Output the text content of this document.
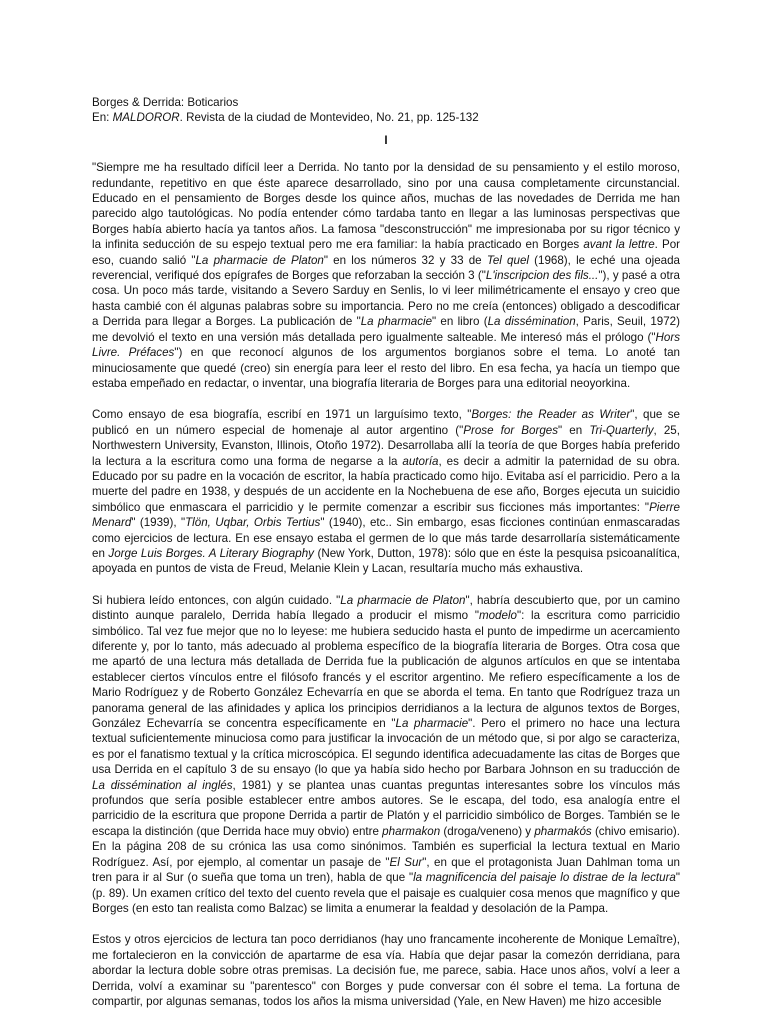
Borges & Derrida: Boticarios

En: MALDOROR. Revista de la ciudad de Montevideo, No. 21, pp. 125-132

I

"Siempre me ha resultado difícil leer a Derrida. No tanto por la densidad de su pensamiento y el estilo moroso, redundante, repetitivo en que éste aparece desarrollado, sino por una causa completamente circunstancial. Educado en el pensamiento de Borges desde los quince años, muchas de las novedades de Derrida me han parecido algo tautológicas. No podía entender cómo tardaba tanto en llegar a las luminosas perspectivas que Borges había abierto hacía ya tantos años. La famosa "desconstrucción" me impresionaba por su rigor técnico y la infinita seducción de su espejo textual pero me era familiar: la había practicado en Borges avant la lettre. Por eso, cuando salió "La pharmacie de Platon" en los números 32 y 33 de Tel quel (1968), le eché una ojeada reverencial, verifiqué dos epígrafes de Borges que reforzaban la sección 3 ("L'inscripcion des fils..."), y pasé a otra cosa. Un poco más tarde, visitando a Severo Sarduy en Senlis, lo vi leer milimétricamente el ensayo y creo que hasta cambié con él algunas palabras sobre su importancia. Pero no me creía (entonces) obligado a descodificar a Derrida para llegar a Borges. La publicación de "La pharmacie" en libro (La dissémination, Paris, Seuil, 1972) me devolvió el texto en una versión más detallada pero igualmente salteable. Me interesó más el prólogo ("Hors Livre. Préfaces") en que reconocí algunos de los argumentos borgianos sobre el tema. Lo anoté tan minuciosamente que quedé (creo) sin energía para leer el resto del libro. En esa fecha, ya hacía un tiempo que estaba empeñado en redactar, o inventar, una biografía literaria de Borges para una editorial neoyorkina.

Como ensayo de esa biografía, escribí en 1971 un larguísimo texto, "Borges: the Reader as Writer", que se publicó en un número especial de homenaje al autor argentino ("Prose for Borges" en Tri-Quarterly, 25, Northwestern University, Evanston, Illinois, Otoño 1972). Desarrollaba allí la teoría de que Borges había preferido la lectura a la escritura como una forma de negarse a la autoría, es decir a admitir la paternidad de su obra. Educado por su padre en la vocación de escritor, la había practicado como hijo. Evitaba así el parricidio. Pero a la muerte del padre en 1938, y después de un accidente en la Nochebuena de ese año, Borges ejecuta un suicidio simbólico que enmascara el parricidio y le permite comenzar a escribir sus ficciones más importantes: "Pierre Menard" (1939), "Tlön, Uqbar, Orbis Tertius" (1940), etc.. Sin embargo, esas ficciones continúan enmascaradas como ejercicios de lectura. En ese ensayo estaba el germen de lo que más tarde desarrollaría sistemáticamente en Jorge Luis Borges. A Literary Biography (New York, Dutton, 1978): sólo que en éste la pesquisa psicoanalítica, apoyada en puntos de vista de Freud, Melanie Klein y Lacan, resultaría mucho más exhaustiva.

Si hubiera leído entonces, con algún cuidado. "La pharmacie de Platon", habría descubierto que, por un camino distinto aunque paralelo, Derrida había llegado a producir el mismo "modelo": la escritura como parricidio simbólico. Tal vez fue mejor que no lo leyese: me hubiera seducido hasta el punto de impedirme un acercamiento diferente y, por lo tanto, más adecuado al problema específico de la biografía literaria de Borges. Otra cosa que me apartó de una lectura más detallada de Derrida fue la publicación de algunos artículos en que se intentaba establecer ciertos vínculos entre el filósofo francés y el escritor argentino. Me refiero específicamente a los de Mario Rodríguez y de Roberto González Echevarría en que se aborda el tema. En tanto que Rodríguez traza un panorama general de las afinidades y aplica los principios derridianos a la lectura de algunos textos de Borges, González Echevarría se concentra específicamente en "La pharmacie". Pero el primero no hace una lectura textual suficientemente minuciosa como para justificar la invocación de un método que, si por algo se caracteriza, es por el fanatismo textual y la crítica microscópica. El segundo identifica adecuadamente las citas de Borges que usa Derrida en el capítulo 3 de su ensayo (lo que ya había sido hecho por Barbara Johnson en su traducción de La dissémination al inglés, 1981) y se plantea unas cuantas preguntas interesantes sobre los vínculos más profundos que sería posible establecer entre ambos autores. Se le escapa, del todo, esa analogía entre el parricidio de la escritura que propone Derrida a partir de Platón y el parricidio simbólico de Borges. También se le escapa la distinción (que Derrida hace muy obvio) entre pharmakon (droga/veneno) y pharmakós (chivo emisario). En la página 208 de su crónica las usa como sinónimos. También es superficial la lectura textual en Mario Rodríguez. Así, por ejemplo, al comentar un pasaje de "El Sur", en que el protagonista Juan Dahlman toma un tren para ir al Sur (o sueña que toma un tren), habla de que "la magnificencia del paisaje lo distrae de la lectura" (p. 89). Un examen crítico del texto del cuento revela que el paisaje es cualquier cosa menos que magnífico y que Borges (en esto tan realista como Balzac) se limita a enumerar la fealdad y desolación de la Pampa.

Estos y otros ejercicios de lectura tan poco derridianos (hay uno francamente incoherente de Monique Lemaître), me fortalecieron en la convicción de apartarme de esa vía. Había que dejar pasar la comezón derridiana, para abordar la lectura doble sobre otras premisas. La decisión fue, me parece, sabia. Hace unos años, volví a leer a Derrida, volví a examinar su "parentesco" con Borges y pude conversar con él sobre el tema. La fortuna de compartir, por algunas semanas, todos los años la misma universidad (Yale, en New Haven) me hizo accesible
